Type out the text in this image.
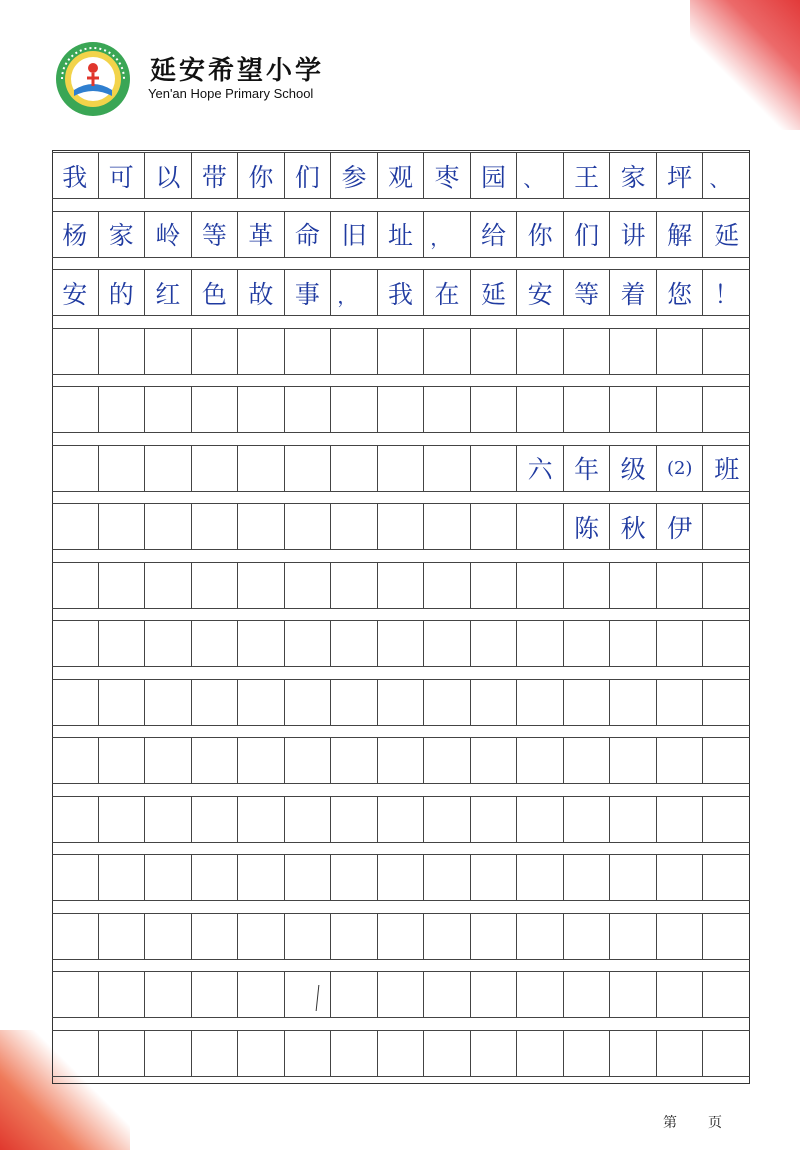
延安希望小学
Yen'an Hope Primary School
我 可 以 带 你 们 参 观 枣 园 、	王 家 坪 、
杨 家 岭 等 革 命 旧 址 ，	给 你 们 讲 解 延
安 的 红 色 故 事 ，	我 在 延 安 等 着 您 ！
六 年 级	(2) 班
陈 秋 伊
第 页
